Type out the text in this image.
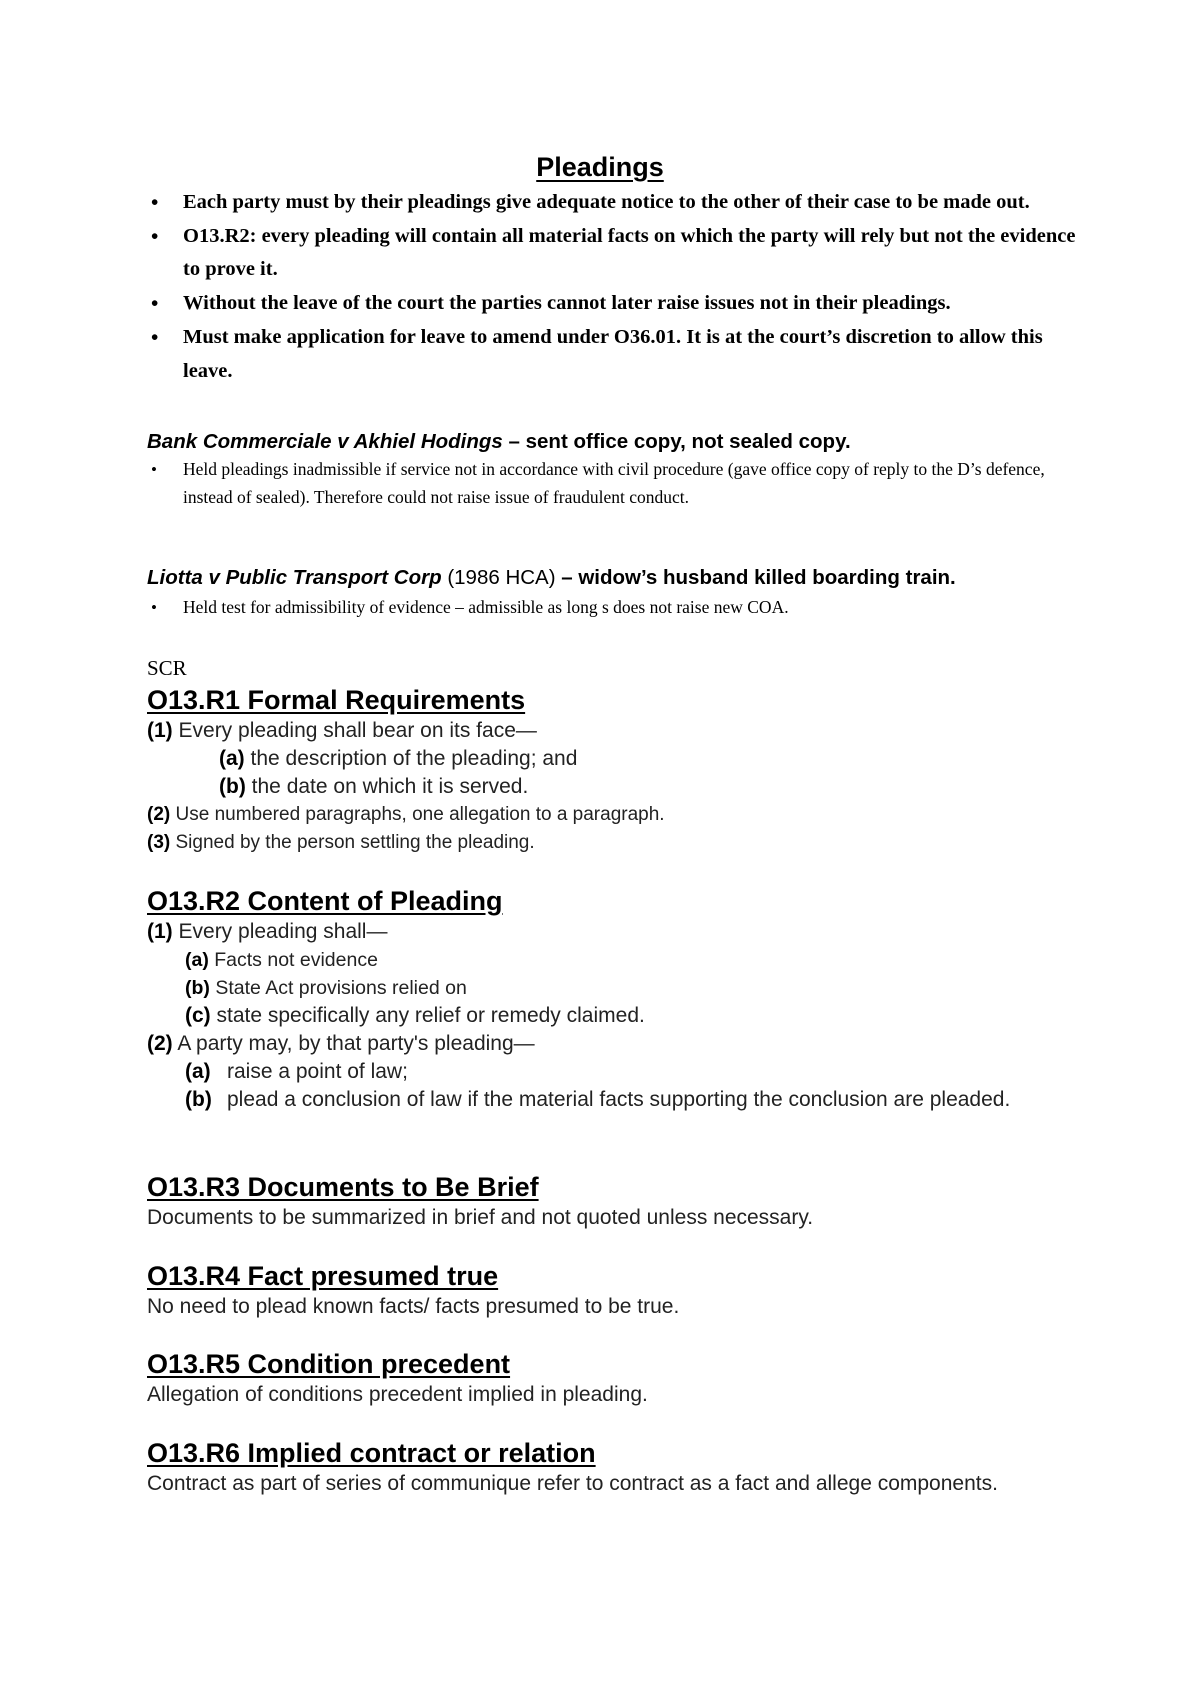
Pleadings
• Each party must by their pleadings give adequate notice to the other of their case to be made out.
• O13.R2: every pleading will contain all material facts on which the party will rely but not the evidence to prove it.
• Without the leave of the court the parties cannot later raise issues not in their pleadings.
• Must make application for leave to amend under O36.01. It is at the court’s discretion to allow this leave.

Bank Commerciale v Akhiel Hodings – sent office copy, not sealed copy.

• Held pleadings inadmissible if service not in accordance with civil procedure (gave office copy of reply to the D’s defence, instead of sealed). Therefore could not raise issue of fraudulent conduct.

Liotta v Public Transport Corp (1986 HCA) – widow’s husband killed boarding train.

• Held test for admissibility of evidence – admissible as long s does not raise new COA.

SCR

O13.R1 Formal Requirements
(1) Every pleading shall bear on its face—
(a) the description of the pleading; and
(b) the date on which it is served.
(2) Use numbered paragraphs, one allegation to a paragraph.
(3) Signed by the person settling the pleading.
O13.R2 Content of Pleading
(1) Every pleading shall—
(a) Facts not evidence
(b) State Act provisions relied on
(c) state specifically any relief or remedy claimed.
(2) A party may, by that party's pleading—
(a) raise a point of law;
(b) plead a conclusion of law if the material facts supporting the conclusion are pleaded.
O13.R3 Documents to Be Brief

Documents to be summarized in brief and not quoted unless necessary.

O13.R4 Fact presumed true

No need to plead known facts/ facts presumed to be true.

O13.R5 Condition precedent

Allegation of conditions precedent implied in pleading.

O13.R6 Implied contract or relation

Contract as part of series of communique refer to contract as a fact and allege components.
